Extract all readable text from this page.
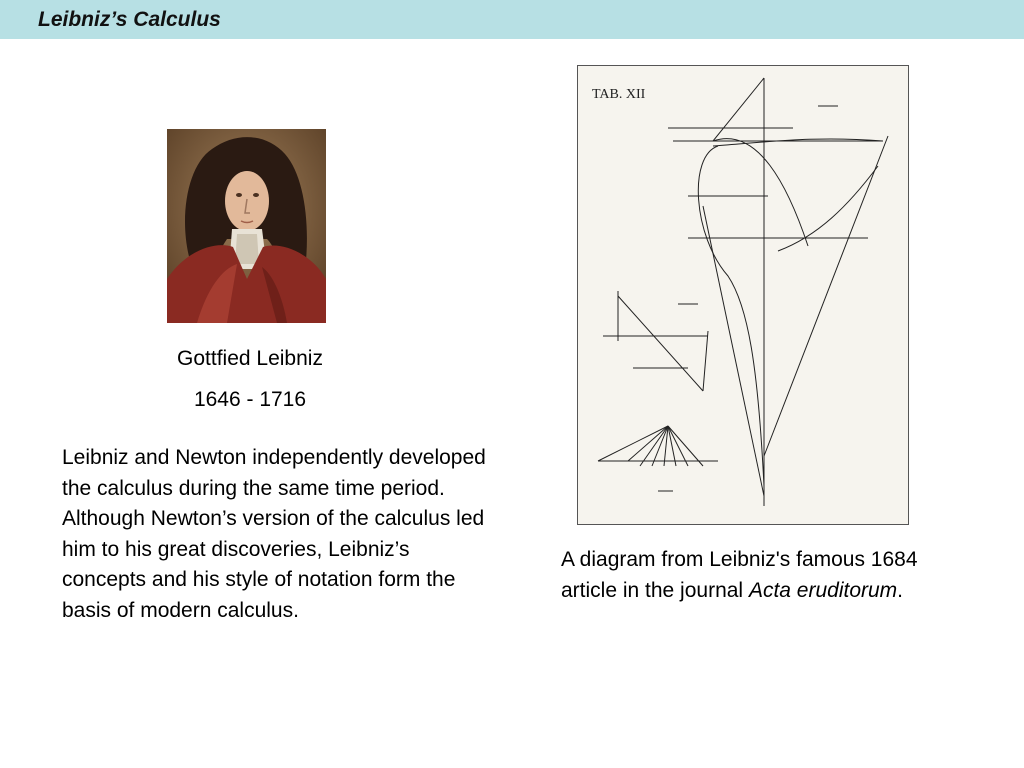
Leibniz’s Calculus
Gottfied Leibniz
1646 - 1716
Leibniz and Newton independently developed the calculus during the same time period. Although Newton’s version of the calculus led him to his great discoveries, Leibniz’s concepts and his style of notation form the basis of modern calculus.
TAB. XII
A diagram from Leibniz's famous 1684 article in the journal Acta eruditorum.
